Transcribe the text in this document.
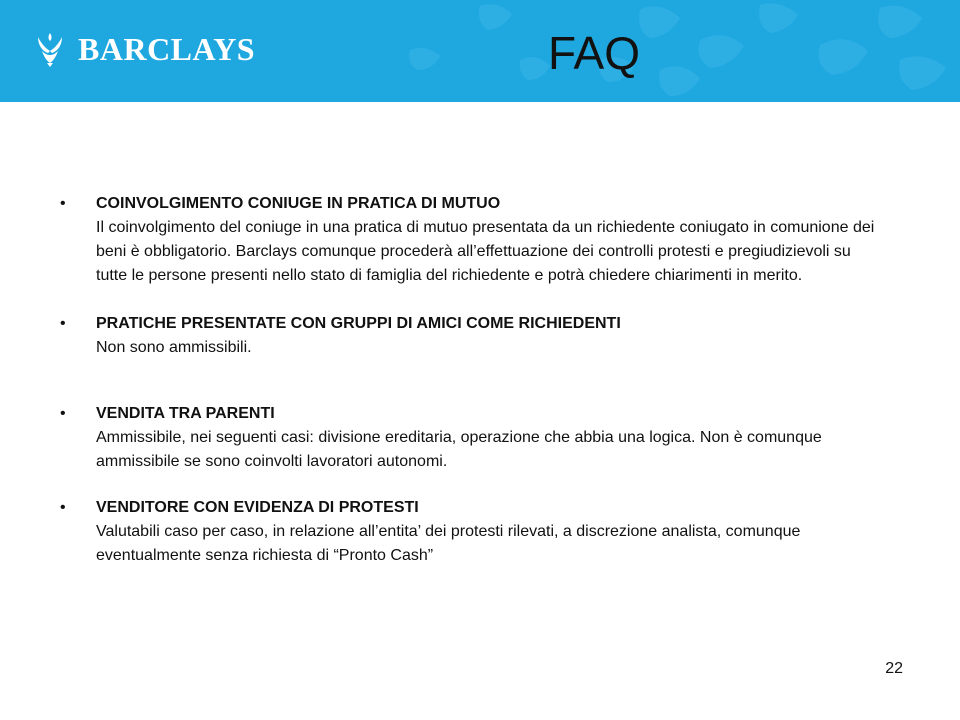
BARCLAYS	FAQ
• COINVOLGIMENTO CONIUGE IN PRATICA DI MUTUO
Il coinvolgimento del coniuge in una pratica di mutuo presentata da un richiedente coniugato in comunione dei beni è obbligatorio. Barclays comunque procederà all’effettuazione dei controlli protesti e pregiudizievoli su tutte le persone presenti nello stato di famiglia del richiedente e potrà chiedere chiarimenti in merito.
• PRATICHE PRESENTATE CON GRUPPI DI AMICI COME RICHIEDENTI
Non sono ammissibili.
• VENDITA TRA PARENTI
Ammissibile, nei seguenti casi: divisione ereditaria, operazione che abbia una logica. Non è comunque ammissibile se sono coinvolti lavoratori autonomi.
• VENDITORE CON EVIDENZA DI PROTESTI
Valutabili caso per caso, in relazione all’entita’ dei protesti rilevati, a discrezione analista, comunque eventualmente senza richiesta di “Pronto Cash”
22
